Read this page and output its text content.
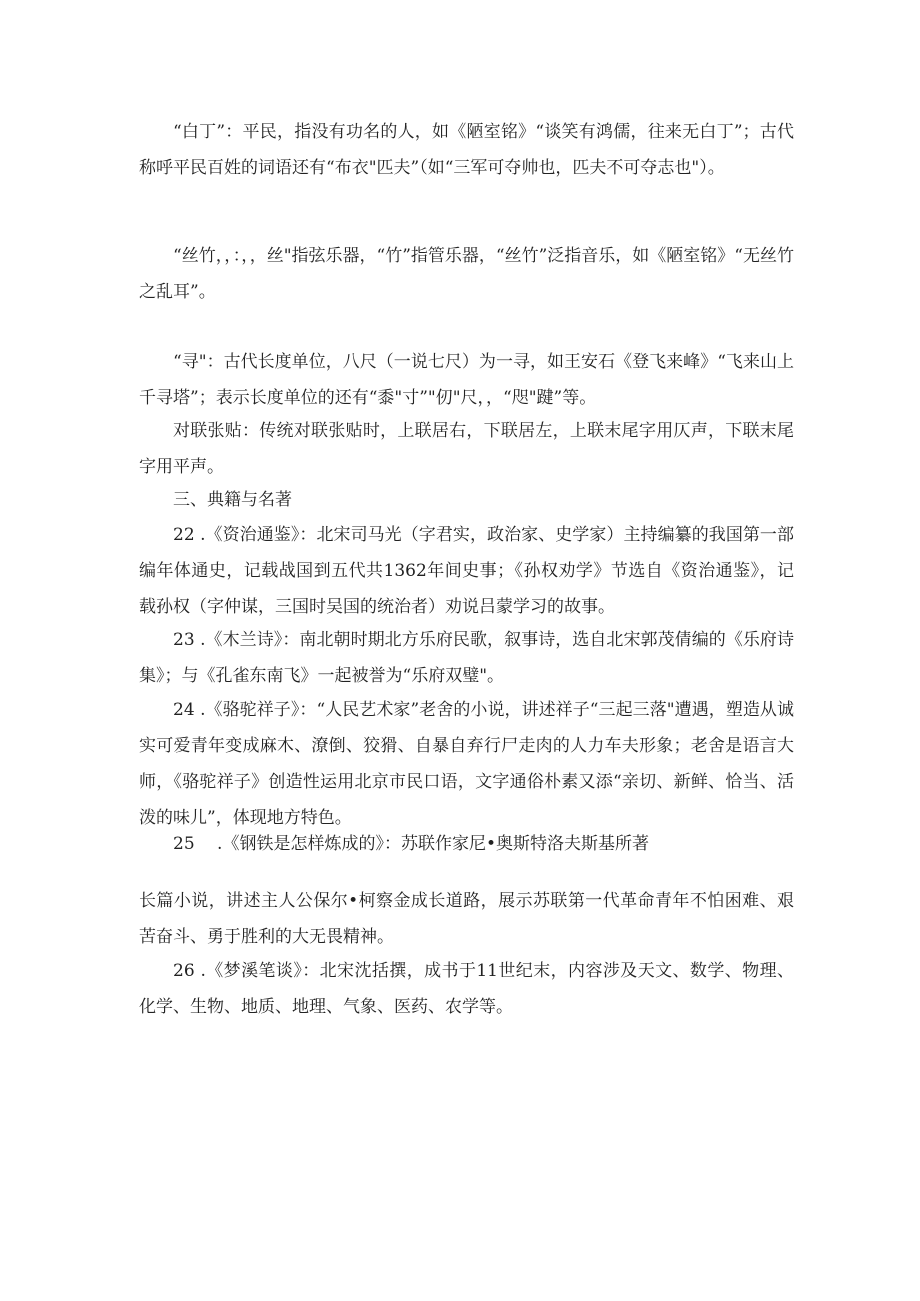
“白丁”：平民，指没有功名的人，如《陋室铭》“谈笑有鸿儒，往来无白丁”；古代称呼平民百姓的词语还有“布衣"匹夫”（如“三军可夺帅也，匹夫不可夺志也"）。

“丝竹，，：，，丝"指弦乐器，“竹”指管乐器，“丝竹”泛指音乐，如《陋室铭》“无丝竹之乱耳”。

“寻"：古代长度单位，八尺（一说七尺）为一寻，如王安石《登飞来峰》“飞来山上千寻塔”；表示长度单位的还有“黍"寸”"仞"尺，，“咫"踺”等。

对联张贴：传统对联张贴时，上联居右，下联居左，上联末尾字用仄声，下联末尾字用平声。

三、典籍与名著

22 .《资治通鉴》：北宋司马光（字君实，政治家、史学家）主持编纂的我国第一部编年体通史，记载战国到五代共1362年间史事；《孙权劝学》节选自《资治通鉴》，记载孙权（字仲谋，三国时吴国的统治者）劝说吕蒙学习的故事。

23 .《木兰诗》：南北朝时期北方乐府民歌，叙事诗，选自北宋郭茂倩编的《乐府诗集》；与《孔雀东南飞》一起被誉为“乐府双璧"。

24 .《骆驼祥子》：“人民艺术家”老舍的小说，讲述祥子“三起三落"遭遇，塑造从诚实可爱青年变成麻木、潦倒、狡猾、自暴自弃行尸走肉的人力车夫形象；老舍是语言大师，《骆驼祥子》创造性运用北京市民口语，文字通俗朴素又添“亲切、新鲜、恰当、活泼的味儿”，体现地方特色。

25　 .《钢铁是怎样炼成的》：苏联作家尼•奥斯特洛夫斯基所著

长篇小说，讲述主人公保尔•柯察金成长道路，展示苏联第一代革命青年不怕困难、艰苦奋斗、勇于胜利的大无畏精神。

26 .《梦溪笔谈》：北宋沈括撰，成书于11世纪末，内容涉及天文、数学、物理、化学、生物、地质、地理、气象、医药、农学等。
